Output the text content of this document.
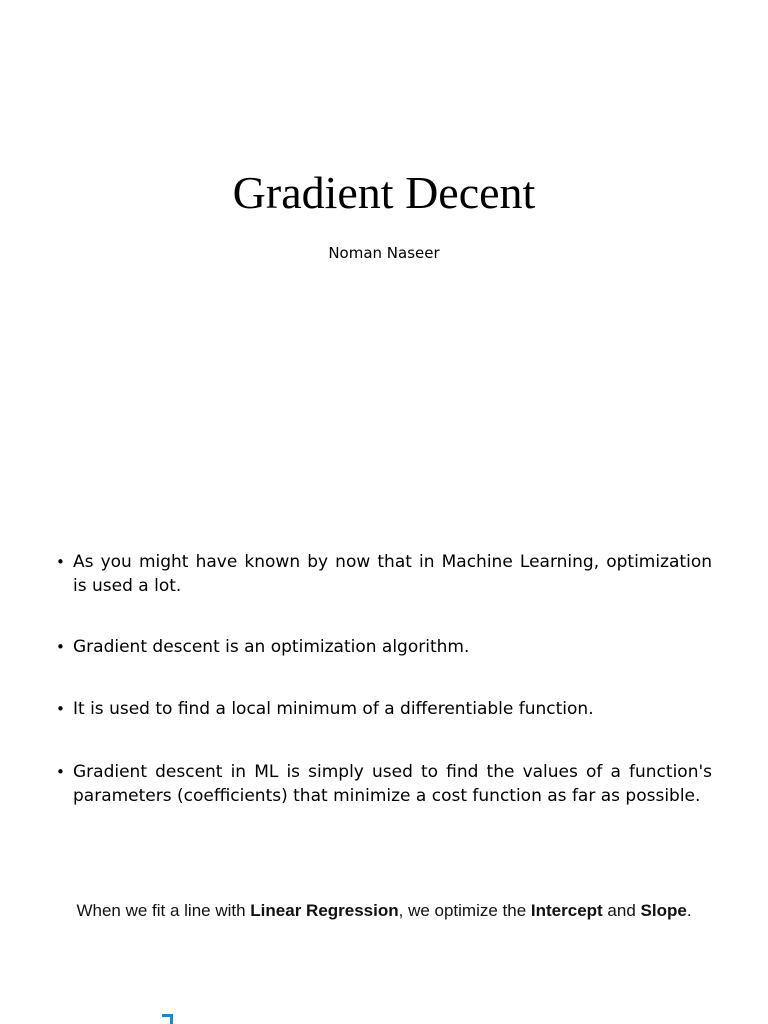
Gradient Decent
Noman Naseer
• As you might have known by now that in Machine Learning, optimization is used a lot.
• Gradient descent is an optimization algorithm.
• It is used to find a local minimum of a differentiable function.
• Gradient descent in ML is simply used to find the values of a function's parameters (coefficients) that minimize a cost function as far as possible.
When we fit a line with Linear Regression, we optimize the Intercept and Slope.
